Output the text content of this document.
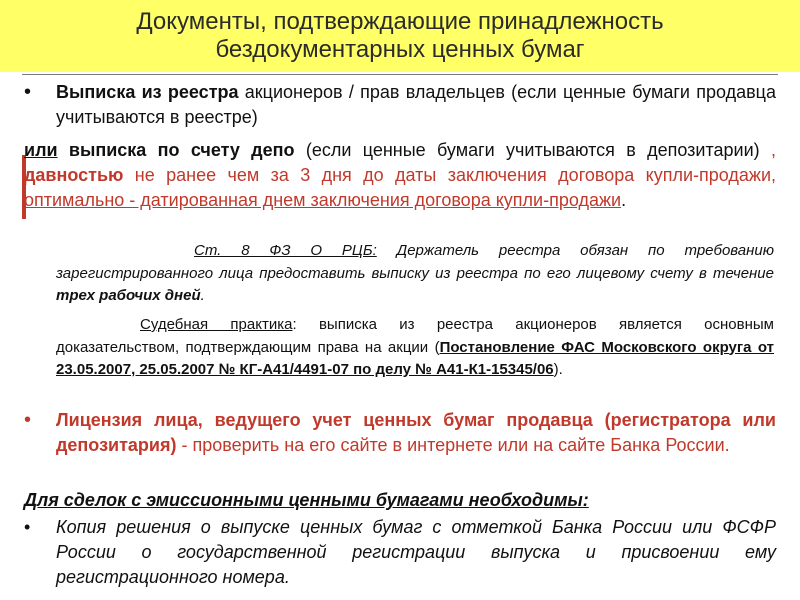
Документы, подтверждающие принадлежность
бездокументарных ценных бумаг
• Выписка из реестра акционеров / прав владельцев (если ценные бумаги продавца учитываются в реестре)
или выписка по счету депо (если ценные бумаги учитываются в депозитарии) , давностью не ранее чем за 3 дня до даты заключения договора купли-продажи, оптимально - датированная днем заключения договора купли-продажи.
Ст. 8 ФЗ О РЦБ: Держатель реестра обязан по требованию зарегистрированного лица предоставить выписку из реестра по его лицевому счету в течение трех рабочих дней.
Судебная практика: выписка из реестра акционеров является основным доказательством, подтверждающим права на акции (Постановление ФАС Московского округа от 23.05.2007, 25.05.2007 № КГ-А41/4491-07 по делу № А41-К1-15345/06).
• Лицензия лица, ведущего учет ценных бумаг продавца (регистратора или депозитария) - проверить на его сайте в интернете или на сайте Банка России.
Для сделок с эмиссионными ценными бумагами необходимы:
• Копия решения о выпуске ценных бумаг с отметкой Банка России или ФСФР России о государственной регистрации выпуска и присвоении ему регистрационного номера.
